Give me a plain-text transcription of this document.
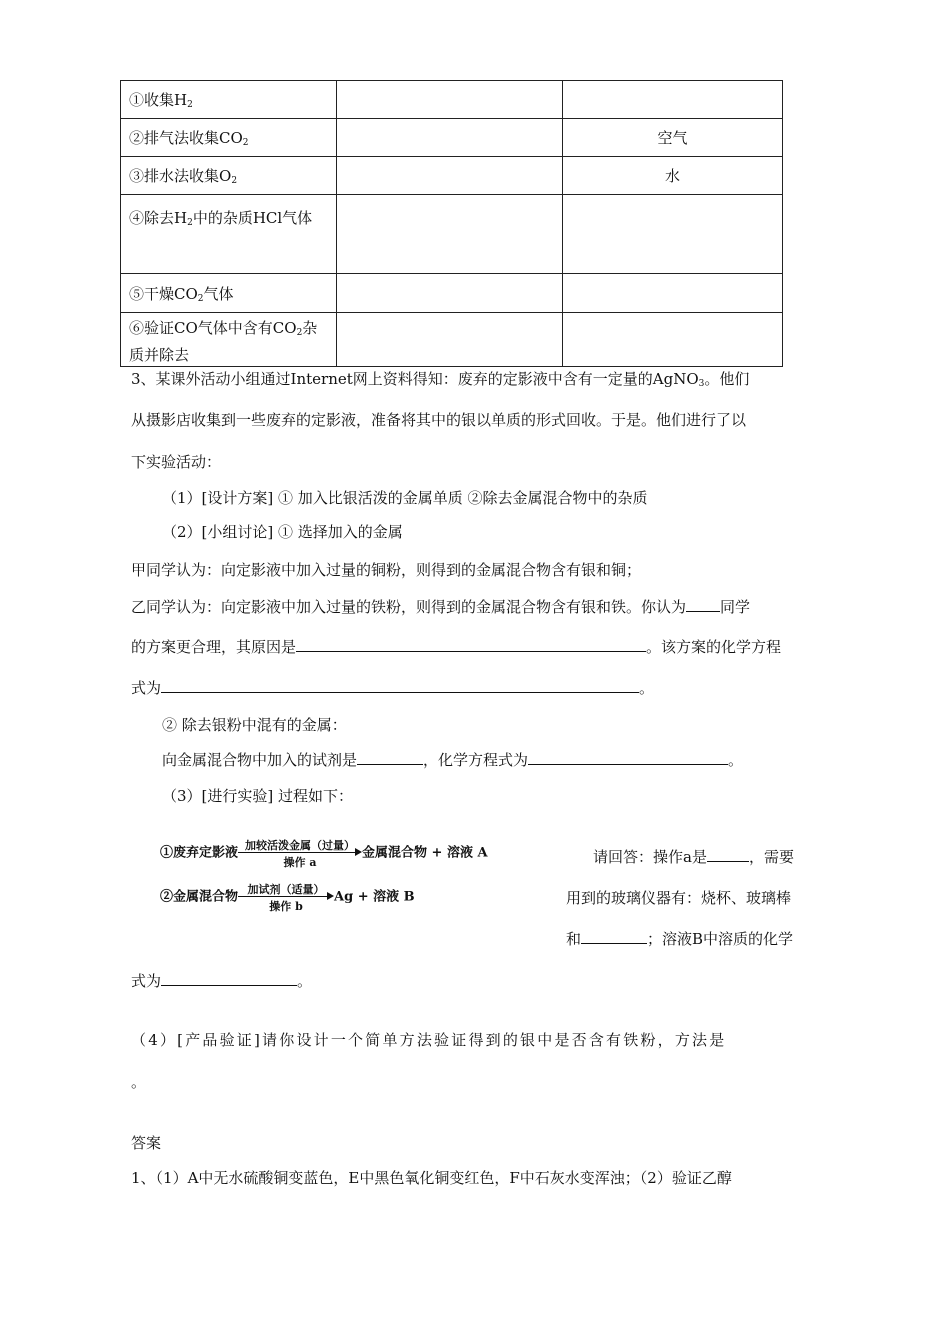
①收集$H_2$		
②排气法收集$CO_2$		空气
③排水法收集$O_2$		水
④除去$H_2$中的杂质HCl气体		
⑤干燥$CO_2$气体		
⑥验证CO气体中含有$CO_2$杂质并除去		
3、某课外活动小组通过Internet网上资料得知：废弃的定影液中含有一定量的AgNO$_3$。他们
从摄影店收集到一些废弃的定影液，准备将其中的银以单质的形式回收。于是。他们进行了以
下实验活动：
（1）[设计方案] ① 加入比银活泼的金属单质 ②除去金属混合物中的杂质
（2）[小组讨论] ① 选择加入的金属
甲同学认为：向定影液中加入过量的铜粉，则得到的金属混合物含有银和铜；
乙同学认为：向定影液中加入过量的铁粉，则得到的金属混合物含有银和铁。你认为 同学
的方案更合理，其原因是	。该方案的化学方程
式为	。
② 除去银粉中混有的金属：
向金属混合物中加入的试剂是	，化学方程式为	。
（3）[进行实验] 过程如下：
①废弃定影液 加较活泼金属（过量）
操作 a
金属混合物 + 溶液 A
②金属混合物 加试剂（适量）
操作 b
Ag + 溶液 B
请回答：操作a是	，需要
用到的玻璃仪器有：烧杯、玻璃棒
和	；溶液B中溶质的化学
式为	。
（4）[产品验证]请你设计一个简单方法验证得到的银中是否含有铁粉，方法是
。
答案
1、（1）A中无水硫酸铜变蓝色，E中黑色氧化铜变红色，F中石灰水变浑浊；（2）验证乙醇
